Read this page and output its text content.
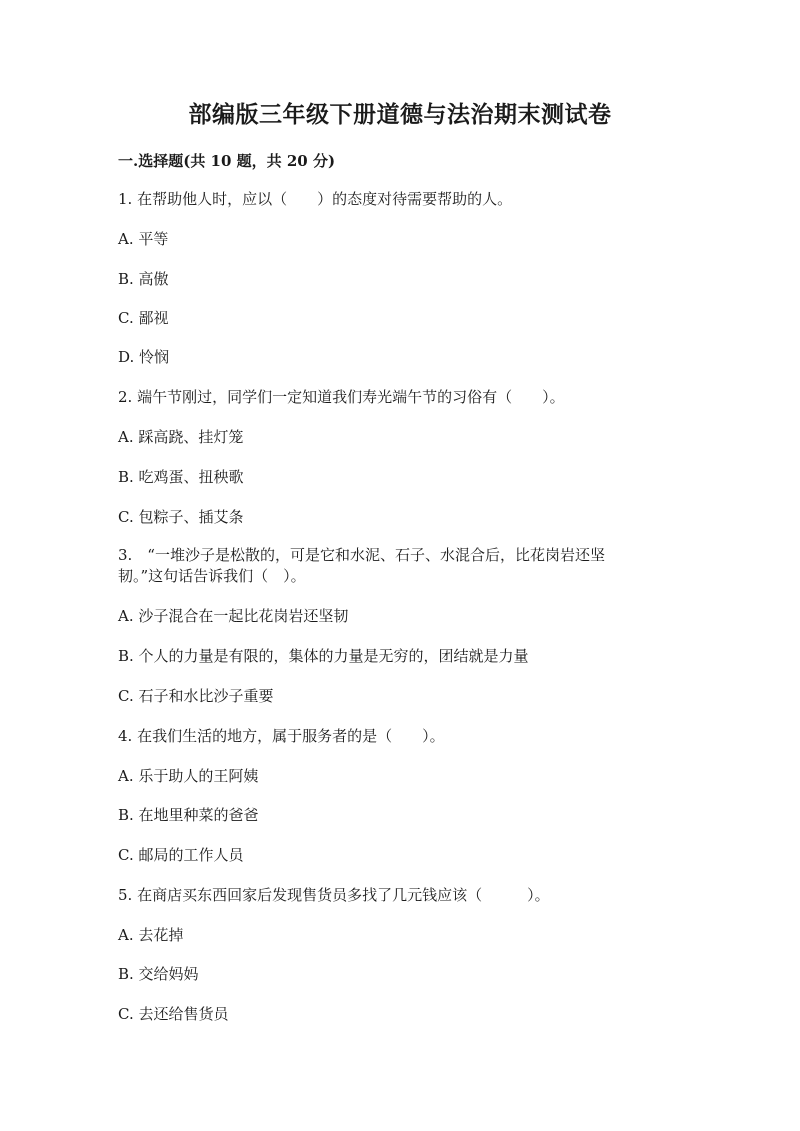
部编版三年级下册道德与法治期末测试卷
一.选择题(共 10 题，共 20 分)
1. 在帮助他人时，应以（　　）的态度对待需要帮助的人。
A. 平等
B. 高傲
C. 鄙视
D. 怜悯
2. 端午节刚过，同学们一定知道我们寿光端午节的习俗有（　　）。
A. 踩高跷、挂灯笼
B. 吃鸡蛋、扭秧歌
C. 包粽子、插艾条
3.　“一堆沙子是松散的，可是它和水泥、石子、水混合后，比花岗岩还坚
韧。”这句话告诉我们（　）。
A. 沙子混合在一起比花岗岩还坚韧
B. 个人的力量是有限的，集体的力量是无穷的，团结就是力量
C. 石子和水比沙子重要
4. 在我们生活的地方，属于服务者的是（　　）。
A. 乐于助人的王阿姨
B. 在地里种菜的爸爸
C. 邮局的工作人员
5. 在商店买东西回家后发现售货员多找了几元钱应该（　　　）。
A. 去花掉
B. 交给妈妈
C. 去还给售货员
